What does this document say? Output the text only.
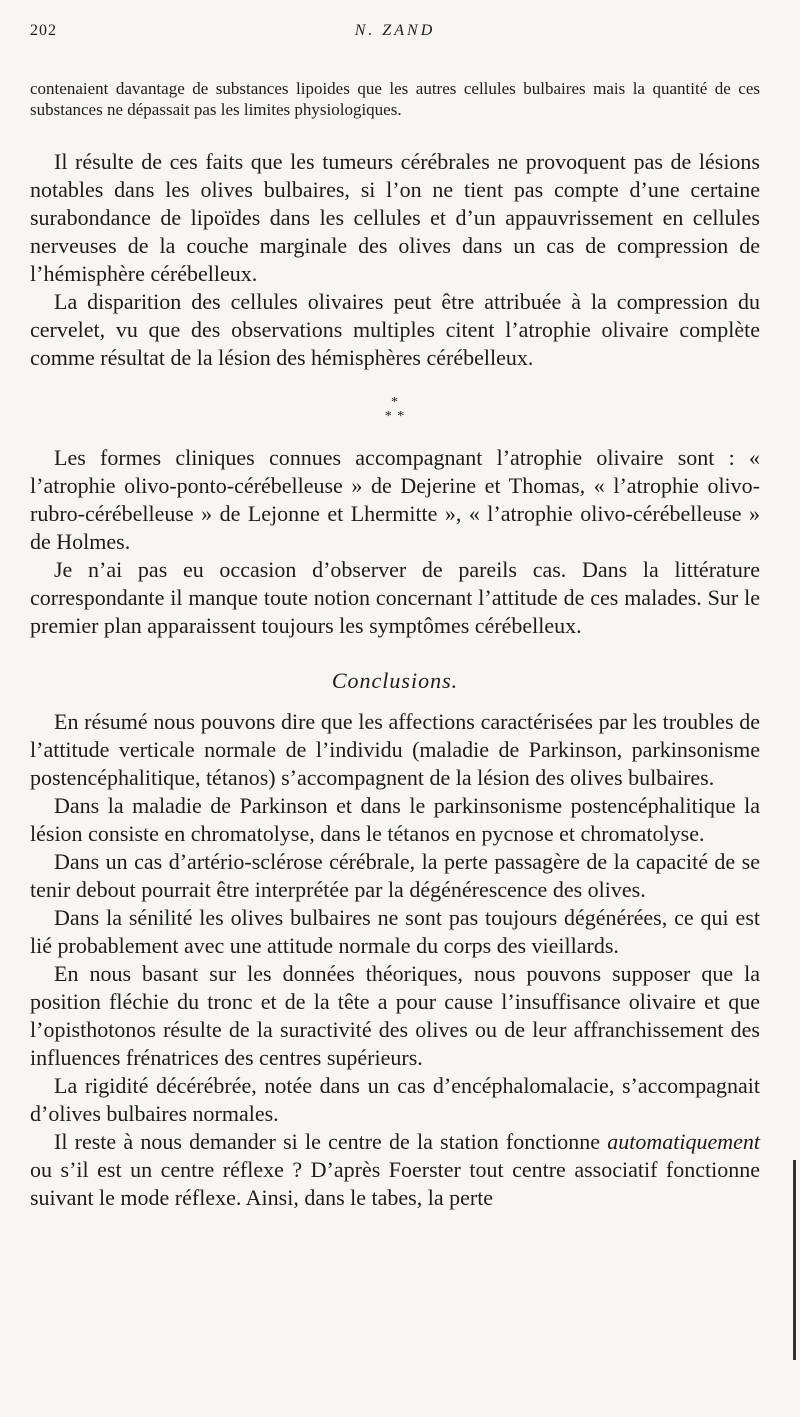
202	N. ZAND

contenaient davantage de substances lipoides que les autres cellules bulbaires mais la quantité de ces substances ne dépassait pas les limites physiologiques.

Il résulte de ces faits que les tumeurs cérébrales ne provoquent pas de lésions notables dans les olives bulbaires, si l’on ne tient pas compte d’une certaine surabondance de lipoïdes dans les cellules et d’un appauvrissement en cellules nerveuses de la couche marginale des olives dans un cas de compression de l’hémisphère cérébelleux.

La disparition des cellules olivaires peut être attribuée à la compression du cervelet, vu que des observations multiples citent l’atrophie olivaire complète comme résultat de la lésion des hémisphères cérébelleux.

*
* *

Les formes cliniques connues accompagnant l’atrophie olivaire sont : « l’atrophie olivo-ponto-cérébelleuse » de Dejerine et Thomas, « l’atrophie olivo-rubro-cérébelleuse » de Lejonne et Lhermitte », « l’atrophie olivo-cérébelleuse » de Holmes.

Je n’ai pas eu occasion d’observer de pareils cas. Dans la littérature correspondante il manque toute notion concernant l’attitude de ces malades. Sur le premier plan apparaissent toujours les symptômes cérébelleux.

Conclusions.

En résumé nous pouvons dire que les affections caractérisées par les troubles de l’attitude verticale normale de l’individu (maladie de Parkinson, parkinsonisme postencéphalitique, tétanos) s’accompagnent de la lésion des olives bulbaires.

Dans la maladie de Parkinson et dans le parkinsonisme postencéphalitique la lésion consiste en chromatolyse, dans le tétanos en pycnose et chromatolyse.

Dans un cas d’artério-sclérose cérébrale, la perte passagère de la capacité de se tenir debout pourrait être interprétée par la dégénérescence des olives.

Dans la sénilité les olives bulbaires ne sont pas toujours dégénérées, ce qui est lié probablement avec une attitude normale du corps des vieillards.

En nous basant sur les données théoriques, nous pouvons supposer que la position fléchie du tronc et de la tête a pour cause l’insuffisance olivaire et que l’opisthotonos résulte de la suractivité des olives ou de leur affranchissement des influences frénatrices des centres supérieurs.

La rigidité décérébrée, notée dans un cas d’encéphalomalacie, s’accompagnait d’olives bulbaires normales.

Il reste à nous demander si le centre de la station fonctionne automatiquement ou s’il est un centre réflexe ? D’après Foerster tout centre associatif fonctionne suivant le mode réflexe. Ainsi, dans le tabes, la perte
